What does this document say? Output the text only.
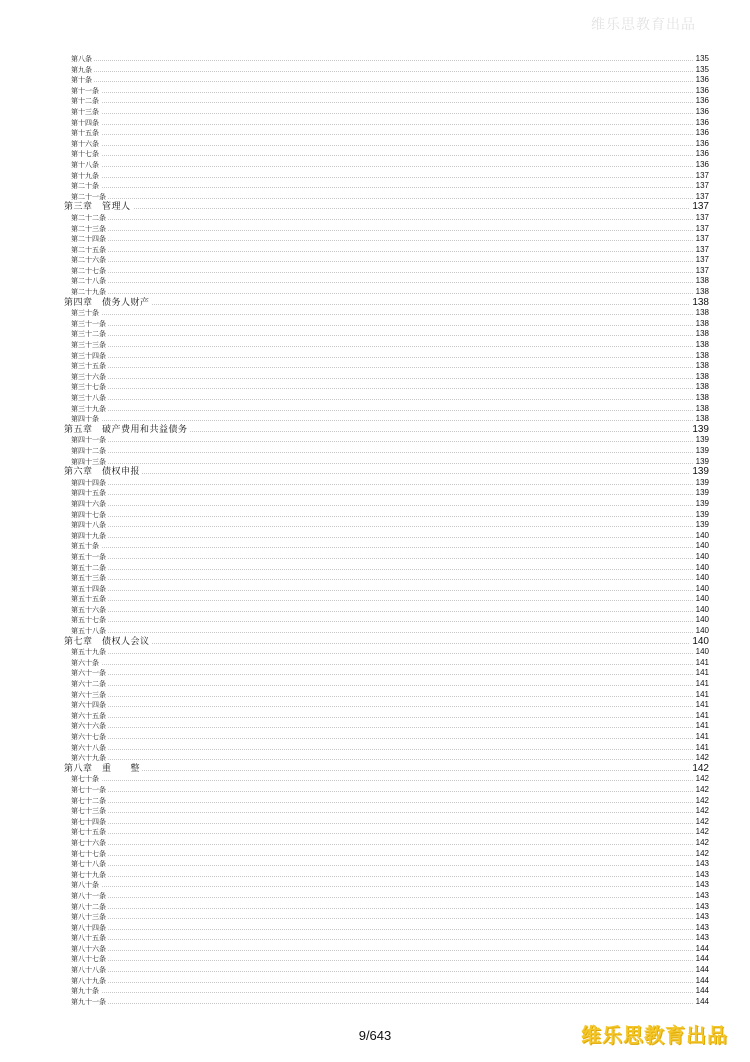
维乐思教育出品
第八条	135
第九条	135
第十条	136
第十一条	136
第十二条	136
第十三条	136
第十四条	136
第十五条	136
第十六条	136
第十七条	136
第十八条	136
第十九条	137
第二十条	137
第二十一条	137
第三章　管理人	137
第二十二条	137
第二十三条	137
第二十四条	137
第二十五条	137
第二十六条	137
第二十七条	137
第二十八条	138
第二十九条	138
第四章　债务人财产	138
第三十条	138
第三十一条	138
第三十二条	138
第三十三条	138
第三十四条	138
第三十五条	138
第三十六条	138
第三十七条	138
第三十八条	138
第三十九条	138
第四十条	138
第五章　破产费用和共益债务	139
第四十一条	139
第四十二条	139
第四十三条	139
第六章　债权申报	139
第四十四条	139
第四十五条	139
第四十六条	139
第四十七条	139
第四十八条	139
第四十九条	140
第五十条	140
第五十一条	140
第五十二条	140
第五十三条	140
第五十四条	140
第五十五条	140
第五十六条	140
第五十七条	140
第五十八条	140
第七章　债权人会议	140
第五十九条	140
第六十条	141
第六十一条	141
第六十二条	141
第六十三条	141
第六十四条	141
第六十五条	141
第六十六条	141
第六十七条	141
第六十八条	141
第六十九条	142
第八章　重　　整	142
第七十条	142
第七十一条	142
第七十二条	142
第七十三条	142
第七十四条	142
第七十五条	142
第七十六条	142
第七十七条	142
第七十八条	143
第七十九条	143
第八十条	143
第八十一条	143
第八十二条	143
第八十三条	143
第八十四条	143
第八十五条	143
第八十六条	144
第八十七条	144
第八十八条	144
第八十九条	144
第九十条	144
第九十一条	144
9/643	维乐思教育出品
